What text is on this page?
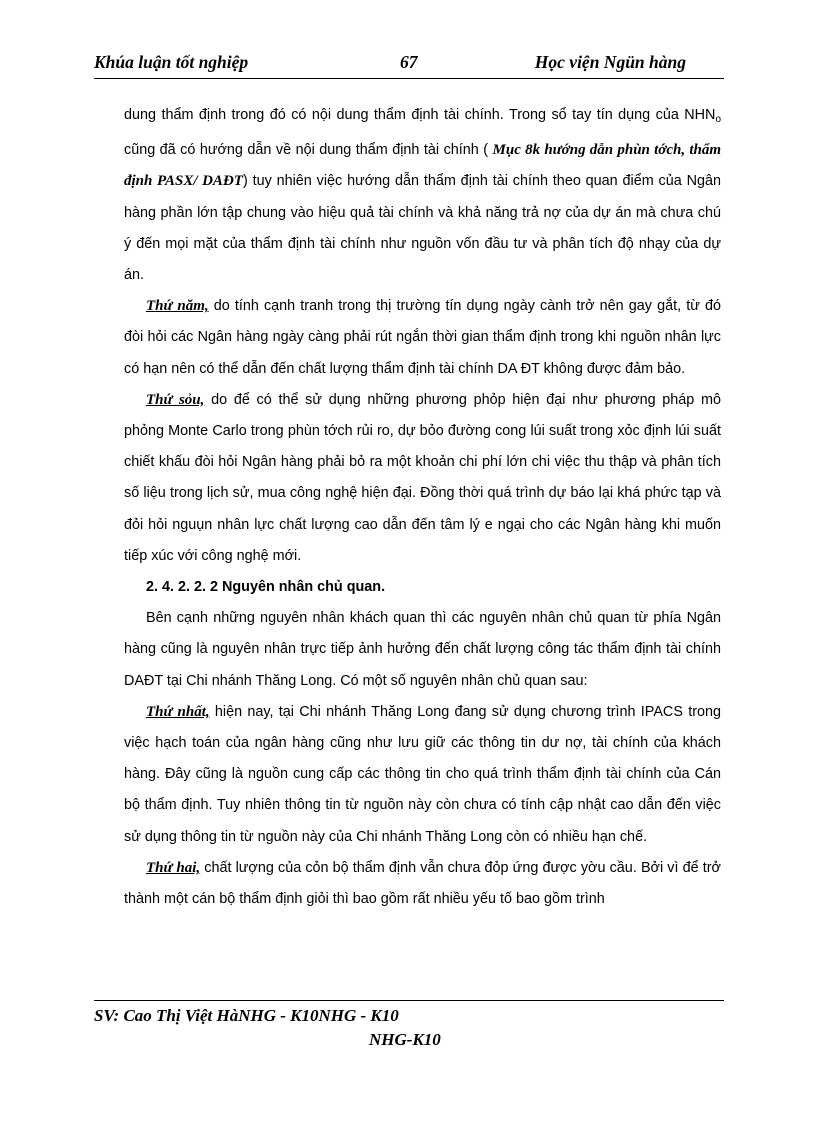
Khúa luận tốt nghiệp	67	Học viện Ngün hàng

dung thẩm định trong đó có nội dung thẩm định tài chính. Trong sổ tay tín dụng của $NHN_o$ cũng đã có hướng dẫn về nội dung thẩm định tài chính ( Mục 8k hướng dẫn phùn tớch, thẩm định PASX/ DAĐT) tuy nhiên việc hướng dẫn thẩm định tài chính theo quan điểm của Ngân hàng phần lớn tập chung vào hiệu quả tài chính và khả năng trả nợ của dự án mà chưa chú ý đến mọi mặt của thẩm định tài chính như nguồn vốn đầu tư và phân tích độ nhạy của dự án.

Thứ năm, do tính cạnh tranh trong thị trường tín dụng ngày cành trở nên gay gắt, từ đó đòi hỏi các Ngân hàng ngày càng phải rút ngắn thời gian thẩm định trong khi nguồn nhân lực có hạn nên có thể dẫn đến chất lượng thẩm định tài chính DA ĐT không được đảm bảo.

Thứ sỏu, do để có thể sử dụng những phương phỏp hiện đại như phương pháp mô phỏng Monte Carlo trong phùn tớch rủi ro, dự bỏo đường cong lúi suất trong xỏc định lúi suất chiết khấu đòi hỏi Ngân hàng phải bỏ ra một khoản chi phí lớn chi việc thu thập và phân tích số liệu trong lịch sử, mua công nghệ hiện đại. Đồng thời quá trình dự báo lại khá phức tạp và đỏi hỏi nguụn nhân lực chất lượng cao dẫn đến tâm lý e ngại cho các Ngân hàng khi muốn tiếp xúc với công nghệ mới.

2. 4. 2. 2. 2 Nguyên nhân chủ quan.

Bên cạnh những nguyên nhân khách quan thì các nguyên nhân chủ quan từ phía Ngân hàng cũng là nguyên nhân trực tiếp ảnh hưởng đến chất lượng công tác thẩm định tài chính DAĐT tại Chi nhánh Thăng Long. Có một số nguyên nhân chủ quan sau:

Thứ nhất, hiện nay, tại Chi nhánh Thăng Long đang sử dụng chương trình IPACS trong việc hạch toán của ngân hàng cũng như lưu giữ các thông tin dư nợ, tài chính của khách hàng. Đây cũng là nguồn cung cấp các thông tin cho quá trình thẩm định tài chính của Cán bộ thẩm định. Tuy nhiên thông tin từ nguồn này còn chưa có tính cập nhật cao dẫn đến việc sử dụng thông tin từ nguồn này của Chi nhánh Thăng Long còn có nhiều hạn chế.

Thứ hai, chất lượng của cỏn bộ thẩm định vẫn chưa đỏp ứng được yờu cầu. Bởi vì để trở thành một cán bộ thẩm định giỏi thì bao gồm rất nhiều yếu tố bao gồm trình

SV: Cao Thị Việt HàNHG - K10NHG - K10
NHG-K10
